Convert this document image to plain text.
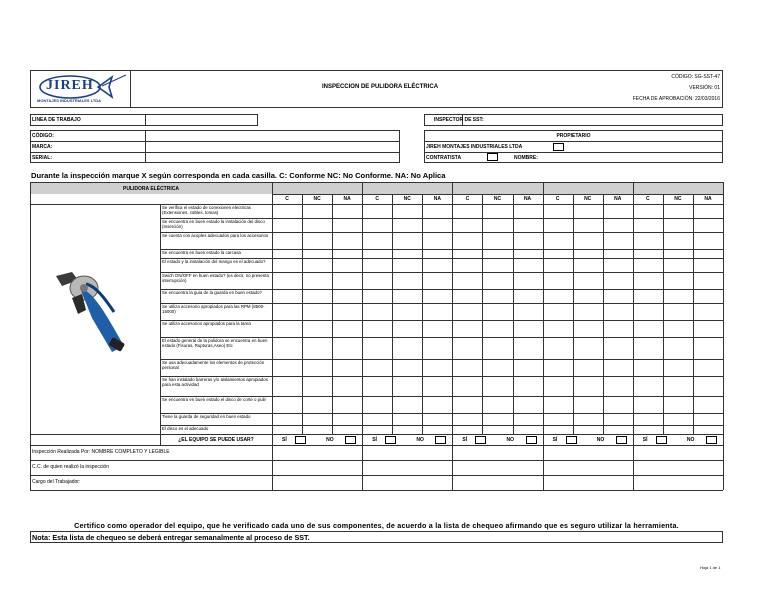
JIREH
MONTAJES INDUSTRIALES LTDA
INSPECCION DE PULIDORA ELÉCTRICA
CÓDIGO: SG-SST-47
VERSIÓN: 01
FECHA DE APROBACIÓN: 22/03/2016
LINEA DE TRABAJO	INSPECTOR DE SST:
CÓDIGO:
MARCA:
SERIAL:
PROPIETARIO
JIREH MONTAJES INDUSTRIALES LTDA
CONTRATISTA	NOMBRE:
Durante la inspección marque X según corresponda en cada casilla. C: Conforme NC: No Conforme. NA: No Aplica
PULIDORA ELÉCTRICA
C	NC	NA	C	NC	NA	C	NC	NA	C	NC	NA	C	NC	NA
Se verifica el estado de conexiones electricas (Extensiones, cables, tomas)
Se encuentra en buen estado la instalación del disco (Inserción)
Se cuenta con acoples adecuados para los accesorios
Se encuentra en buen estado la carcasa
El estado y la instalación del mango es el adecuado?
Swich ON/OFF en buen estado? (es decir, no presenta interrupción)
Se encuentra la guia de la guarda en buen estado?
Se utiliza accesorio apropiados para las RPM (8500-15000)
Se utiliza accesorios apropiados para la tarea
El estado general de la pulidora se encuentra en buen estado (Fisuras, Rupturas,Aseo) Etc
Se usa adecuadamente los elementos de protección personal
Se han instalado barreras y/o aislamientos apropiados para esta actividad
Se encuentra en buen estado el disco de corte o pulir
Tiene la guarda de seguridad en buen estado
El disco es el adecuado
¿EL EQUIPO SE PUEDE USAR?	SÍ	NO	SÍ	NO	SÍ	NO	SÍ	NO	SÍ	NO
Inspección Realizada Por: NOMBRE COMPLETO Y LEGIBLE
C.C. de quien realizó la inspección
Cargo del Trabajador:
Certifico como operador del equipo, que he verificado cada uno de sus componentes, de acuerdo a la lista de chequeo afirmando que es seguro utilizar la herramienta.
Nota: Esta lista de chequeo se deberá entregar semanalmente al proceso de SST.
Hoja 1 de 1
